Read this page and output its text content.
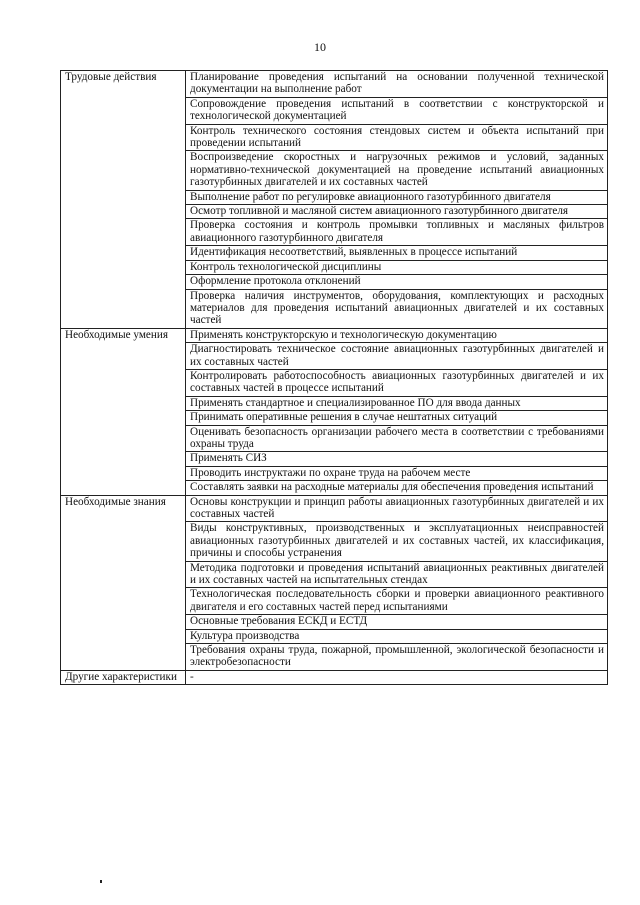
10
Трудовые действия	Планирование проведения испытаний на основании полученной технической документации на выполнение работ
	Сопровождение проведения испытаний в соответствии с конструкторской и технологической документацией
	Контроль технического состояния стендовых систем и объекта испытаний при проведении испытаний
	Воспроизведение скоростных и нагрузочных режимов и условий, заданных нормативно-технической документацией на проведение испытаний авиационных газотурбинных двигателей и их составных частей
	Выполнение работ по регулировке авиационного газотурбинного двигателя
	Осмотр топливной и масляной систем авиационного газотурбинного двигателя
	Проверка состояния и контроль промывки топливных и масляных фильтров авиационного газотурбинного двигателя
	Идентификация несоответствий, выявленных в процессе испытаний
	Контроль технологической дисциплины
	Оформление протокола отклонений
	Проверка наличия инструментов, оборудования, комплектующих и расходных материалов для проведения испытаний авиационных двигателей и их составных частей
Необходимые умения	Применять конструкторскую и технологическую документацию
	Диагностировать техническое состояние авиационных газотурбинных двигателей и их составных частей
	Контролировать работоспособность авиационных газотурбинных двигателей и их составных частей в процессе испытаний
	Применять стандартное и специализированное ПО для ввода данных
	Принимать оперативные решения в случае нештатных ситуаций
	Оценивать безопасность организации рабочего места в соответствии с требованиями охраны труда
	Применять СИЗ
	Проводить инструктажи по охране труда на рабочем месте
	Составлять заявки на расходные материалы для обеспечения проведения испытаний
Необходимые знания	Основы конструкции и принцип работы авиационных газотурбинных двигателей и их составных частей
	Виды конструктивных, производственных и эксплуатационных неисправностей авиационных газотурбинных двигателей и их составных частей, их классификация, причины и способы устранения
	Методика подготовки и проведения испытаний авиационных реактивных двигателей и их составных частей на испытательных стендах
	Технологическая последовательность сборки и проверки авиационного реактивного двигателя и его составных частей перед испытаниями
	Основные требования ЕСКД и ЕСТД
	Культура производства
	Требования охраны труда, пожарной, промышленной, экологической безопасности и электробезопасности
Другие характеристики	-
